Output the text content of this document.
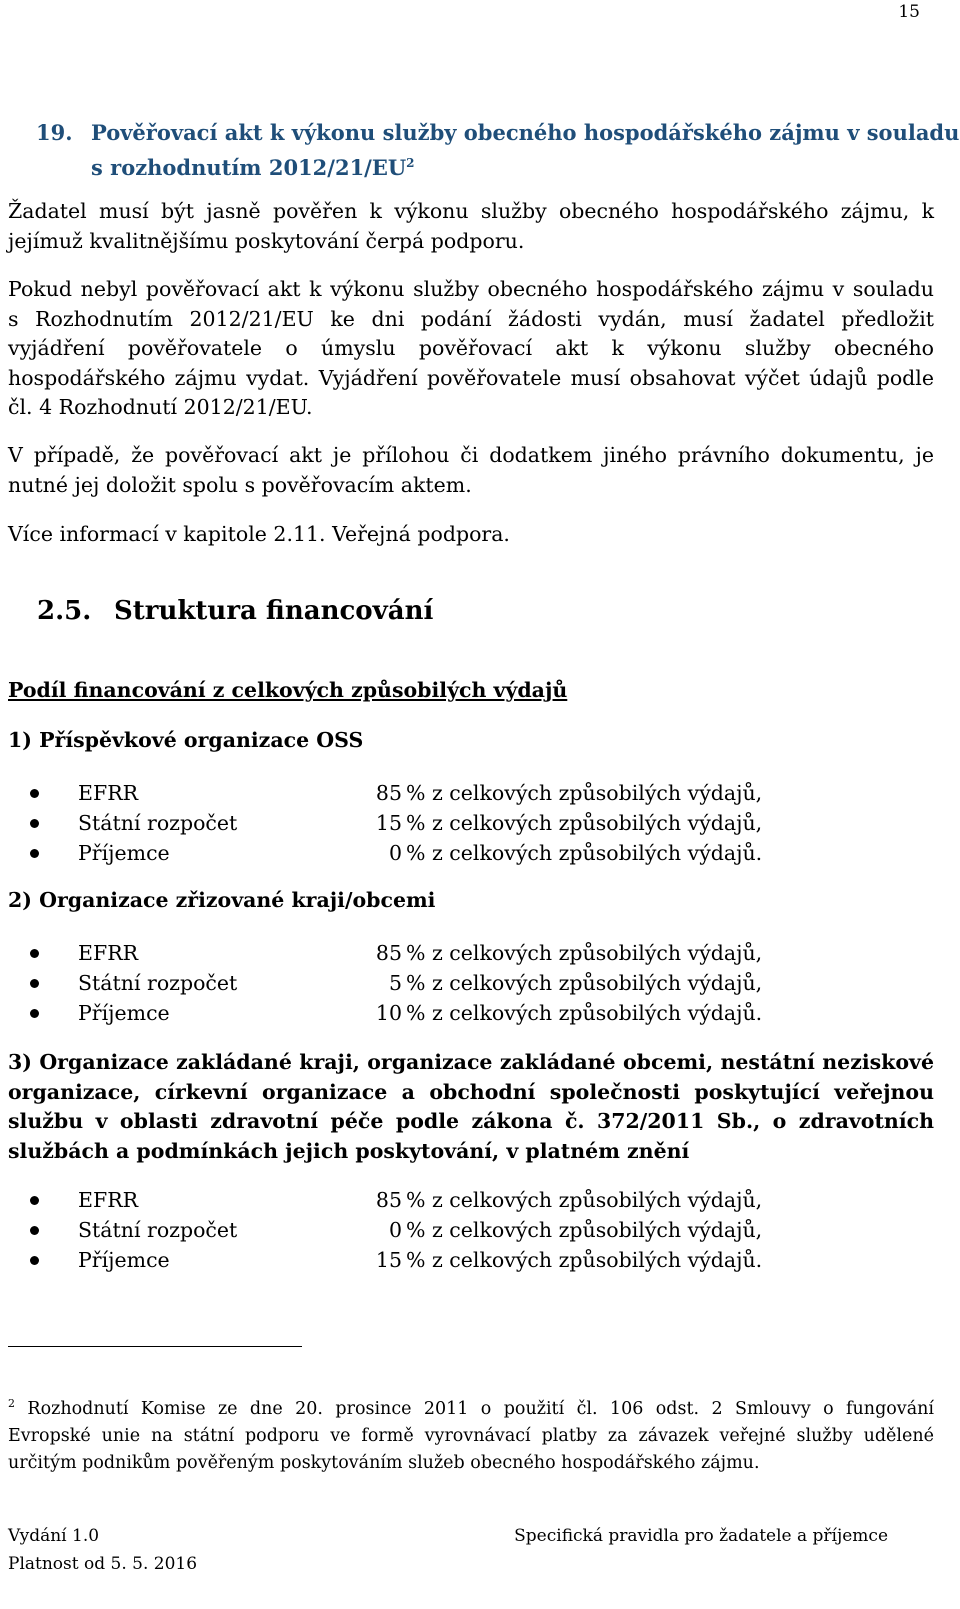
15
19. Pověřovací akt k výkonu služby obecného hospodářského zájmu v souladu
s rozhodnutím $2012/21/EU^2$
Žadatel musí být jasně pověřen k výkonu služby obecného hospodářského zájmu, k
jejímuž kvalitnějšímu poskytování čerpá podporu.
Pokud nebyl pověřovací akt k výkonu služby obecného hospodářského zájmu v souladu
s Rozhodnutím 2012/21/EU ke dni podání žádosti vydán, musí žadatel předložit
vyjádření pověřovatele o úmyslu pověřovací akt k výkonu služby obecného
hospodářského zájmu vydat. Vyjádření pověřovatele musí obsahovat výčet údajů podle
čl. 4 Rozhodnutí 2012/21/EU.
V případě, že pověřovací akt je přílohou či dodatkem jiného právního dokumentu, je
nutné jej doložit spolu s pověřovacím aktem.
Více informací v kapitole 2.11. Veřejná podpora.
2.5. Struktura financování
Podíl financování z celkových způsobilých výdajů
1) Příspěvkové organizace OSS
EFRR	85 % z celkových způsobilých výdajů,
Státní rozpočet	15 % z celkových způsobilých výdajů,
Příjemce	0 % z celkových způsobilých výdajů.
2) Organizace zřizované kraji/obcemi
EFRR	85 % z celkových způsobilých výdajů,
Státní rozpočet	5 % z celkových způsobilých výdajů,
Příjemce	10 % z celkových způsobilých výdajů.
3) Organizace zakládané kraji, organizace zakládané obcemi, nestátní neziskové
organizace, církevní organizace a obchodní společnosti poskytující veřejnou
službu v oblasti zdravotní péče podle zákona č. 372/2011 Sb., o zdravotních
službách a podmínkách jejich poskytování, v platném znění
EFRR	85 % z celkových způsobilých výdajů,
Státní rozpočet	0 % z celkových způsobilých výdajů,
Příjemce	15 % z celkových způsobilých výdajů.
$^2$ Rozhodnutí Komise ze dne 20. prosince 2011 o použití čl. 106 odst. 2 Smlouvy o fungování
Evropské unie na státní podporu ve formě vyrovnávací platby za závazek veřejné služby udělené
určitým podnikům pověřeným poskytováním služeb obecného hospodářského zájmu.
Vydání 1.0
Platnost od 5. 5. 2016
Specifická pravidla pro žadatele a příjemce
